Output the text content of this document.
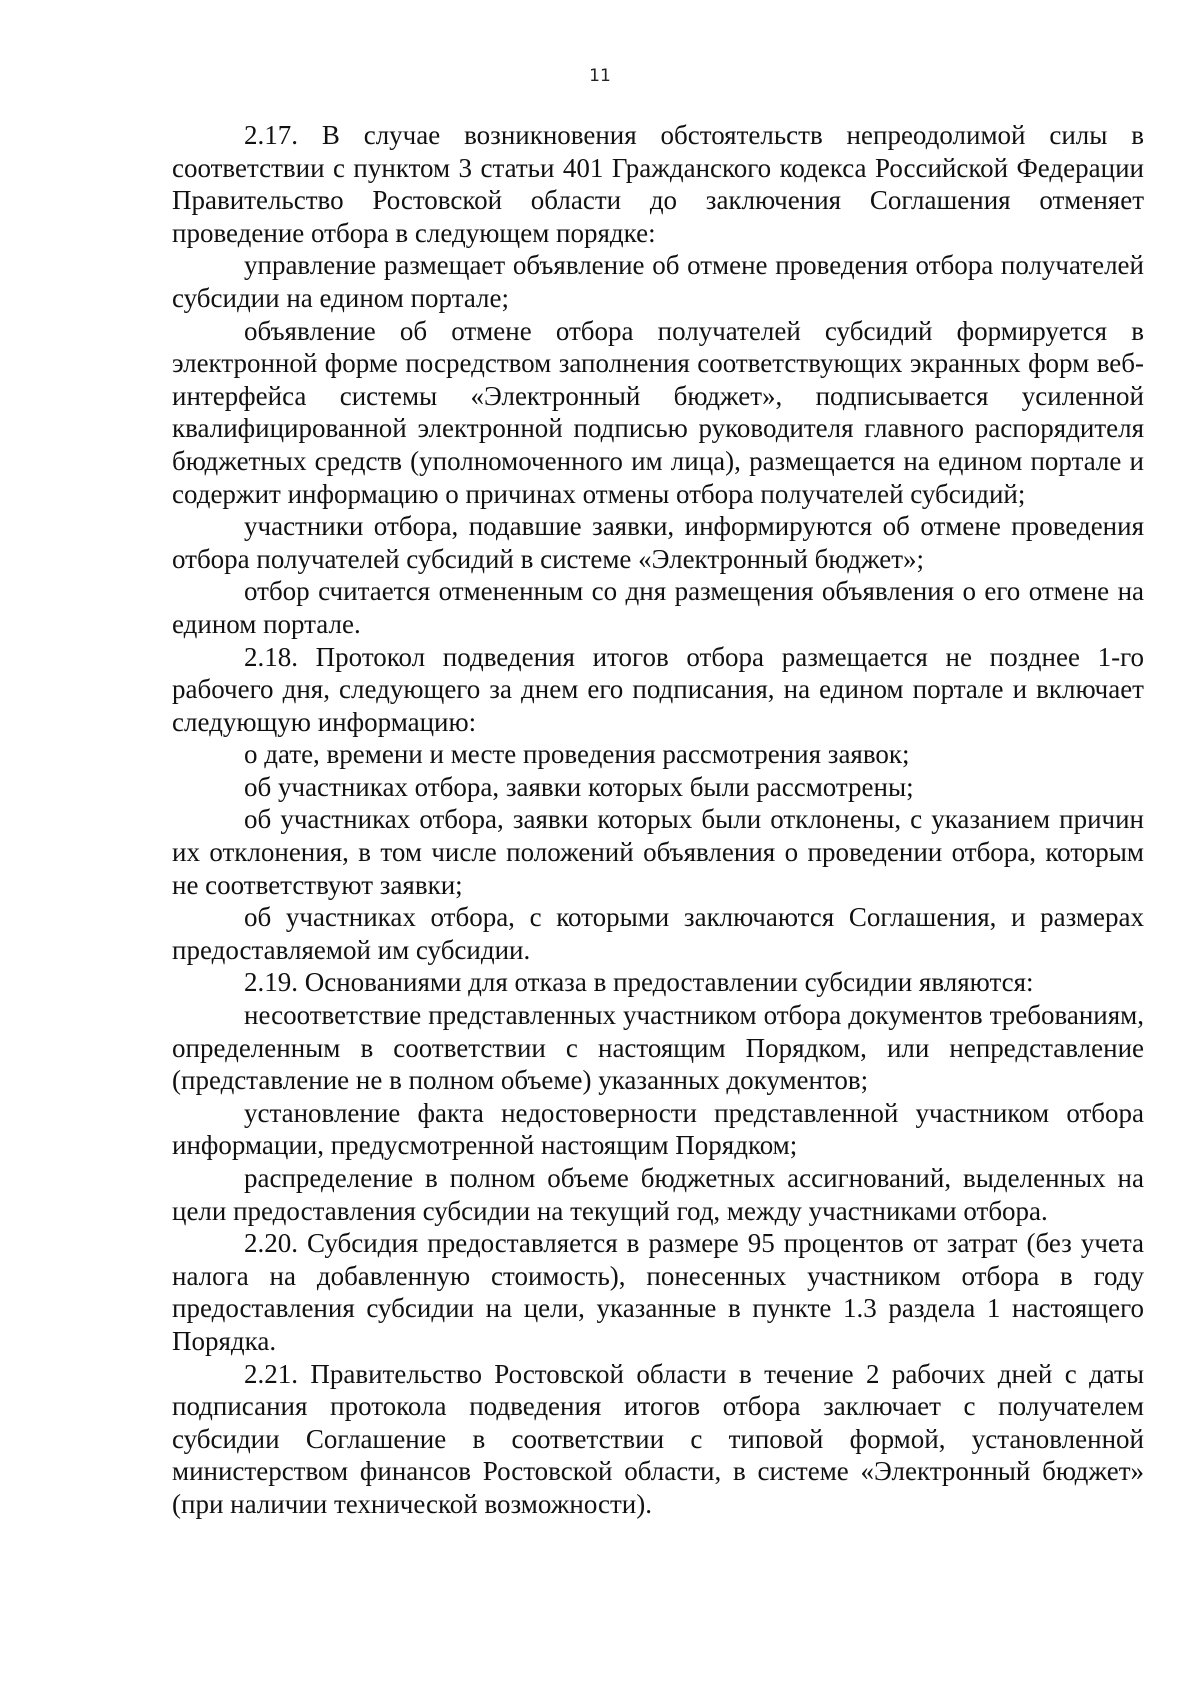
11

2.17. В случае возникновения обстоятельств непреодолимой силы в соответствии с пунктом 3 статьи 401 Гражданского кодекса Российской Федерации Правительство Ростовской области до заключения Соглашения отменяет проведение отбора в следующем порядке:

управление размещает объявление об отмене проведения отбора получателей субсидии на едином портале;

объявление об отмене отбора получателей субсидий формируется в электронной форме посредством заполнения соответствующих экранных форм веб-интерфейса системы «Электронный бюджет», подписывается усиленной квалифицированной электронной подписью руководителя главного распорядителя бюджетных средств (уполномоченного им лица), размещается на едином портале и содержит информацию о причинах отмены отбора получателей субсидий;

участники отбора, подавшие заявки, информируются об отмене проведения отбора получателей субсидий в системе «Электронный бюджет»;

отбор считается отмененным со дня размещения объявления о его отмене на едином портале.

2.18. Протокол подведения итогов отбора размещается не позднее 1-го рабочего дня, следующего за днем его подписания, на едином портале и включает следующую информацию:

о дате, времени и месте проведения рассмотрения заявок;

об участниках отбора, заявки которых были рассмотрены;

об участниках отбора, заявки которых были отклонены, с указанием причин их отклонения, в том числе положений объявления о проведении отбора, которым не соответствуют заявки;

об участниках отбора, с которыми заключаются Соглашения, и размерах предоставляемой им субсидии.

2.19. Основаниями для отказа в предоставлении субсидии являются:

несоответствие представленных участником отбора документов требованиям, определенным в соответствии с настоящим Порядком, или непредставление (представление не в полном объеме) указанных документов;

установление факта недостоверности представленной участником отбора информации, предусмотренной настоящим Порядком;

распределение в полном объеме бюджетных ассигнований, выделенных на цели предоставления субсидии на текущий год, между участниками отбора.

2.20. Субсидия предоставляется в размере 95 процентов от затрат (без учета налога на добавленную стоимость), понесенных участником отбора в году предоставления субсидии на цели, указанные в пункте 1.3 раздела 1 настоящего Порядка.

2.21. Правительство Ростовской области в течение 2 рабочих дней с даты подписания протокола подведения итогов отбора заключает с получателем субсидии Соглашение в соответствии с типовой формой, установленной министерством финансов Ростовской области, в системе «Электронный бюджет» (при наличии технической возможности).
